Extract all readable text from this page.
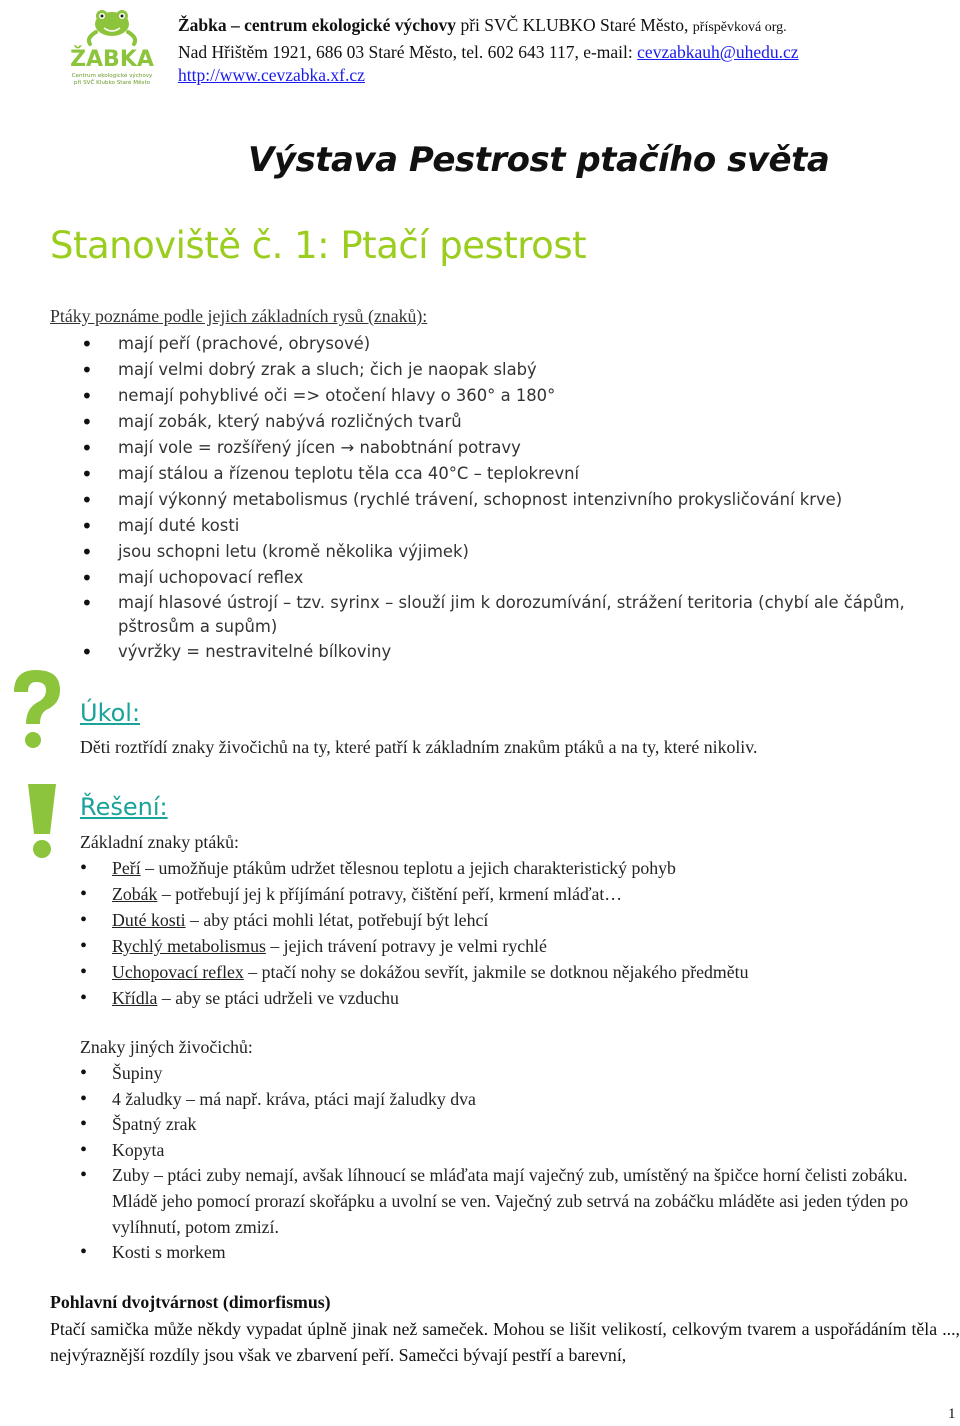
ŽABKA
Centrum ekologické výchovy
při SVČ Klubko Staré Město
Žabka – centrum ekologické výchovy při SVČ KLUBKO Staré Město, příspěvková org.
Nad Hřištěm 1921, 686 03 Staré Město, tel. 602 643 117, e-mail: cevzabkauh@uhedu.cz
http://www.cevzabka.xf.cz
Výstava Pestrost ptačího světa
Stanoviště č. 1: Ptačí pestrost
Ptáky poznáme podle jejich základních rysů (znaků):
• mají peří (prachové, obrysové)
• mají velmi dobrý zrak a sluch; čich je naopak slabý
• nemají pohyblivé oči => otočení hlavy o 360° a 180°
• mají zobák, který nabývá rozličných tvarů
• mají vole = rozšířený jícen → nabobtnání potravy
• mají stálou a řízenou teplotu těla cca 40°C – teplokrevní
• mají výkonný metabolismus (rychlé trávení, schopnost intenzivního prokysličování krve)
• mají duté kosti
• jsou schopni letu (kromě několika výjimek)
• mají uchopovací reflex
• mají hlasové ústrojí – tzv. syrinx – slouží jim k dorozumívání, strážení teritoria (chybí ale čápům, pštrosům a supům)
• vývržky = nestravitelné bílkoviny
Úkol:
Děti roztřídí znaky živočichů na ty, které patří k základním znakům ptáků a na ty, které nikoliv.
Řešení:
Základní znaky ptáků:
• Peří – umožňuje ptákům udržet tělesnou teplotu a jejich charakteristický pohyb
• Zobák – potřebují jej k příjímání potravy, čištění peří, krmení mláďat…
• Duté kosti – aby ptáci mohli létat, potřebují být lehcí
• Rychlý metabolismus – jejich trávení potravy je velmi rychlé
• Uchopovací reflex – ptačí nohy se dokážou sevřít, jakmile se dotknou nějakého předmětu
• Křídla – aby se ptáci udrželi ve vzduchu
Znaky jiných živočichů:
• Šupiny
• 4 žaludky – má např. kráva, ptáci mají žaludky dva
• Špatný zrak
• Kopyta
• Zuby – ptáci zuby nemají, avšak líhnoucí se mláďata mají vaječný zub, umístěný na špičce horní čelisti zobáku. Mládě jeho pomocí prorazí skořápku a uvolní se ven. Vaječný zub setrvá na zobáčku mláděte asi jeden týden po vylíhnutí, potom zmizí.
• Kosti s morkem
Pohlavní dvojtvárnost (dimorfismus)
Ptačí samička může někdy vypadat úplně jinak než sameček. Mohou se lišit velikostí, celkovým tvarem a uspořádáním těla ..., nejvýraznější rozdíly jsou však ve zbarvení peří. Samečci bývají pestří a barevní,
1
